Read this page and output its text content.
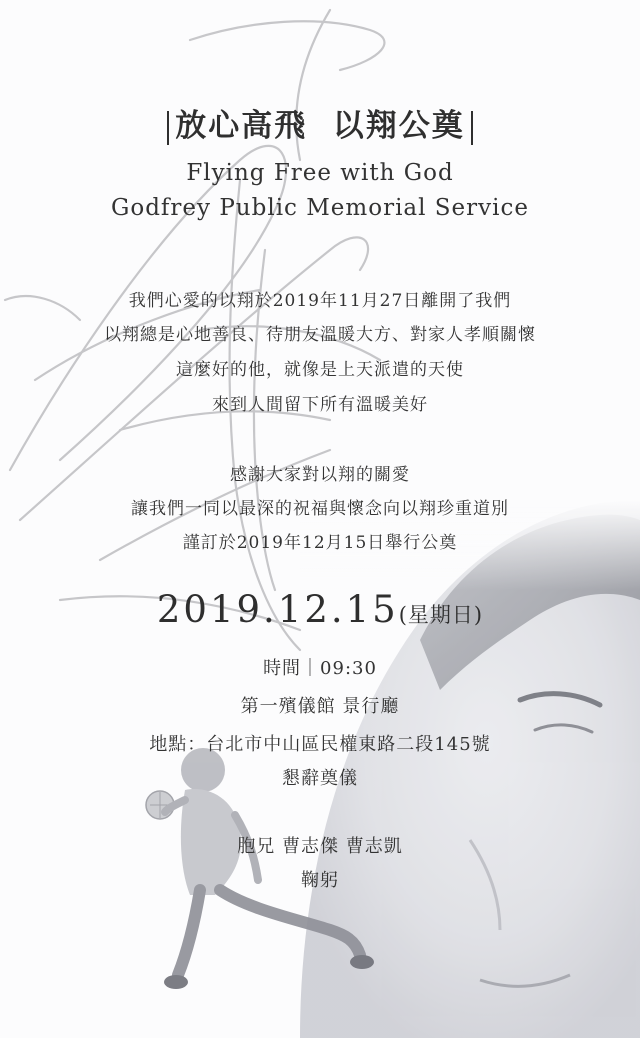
放心高飛 以翔公奠
Flying Free with God
Godfrey Public Memorial Service
我們心愛的以翔於2019年11月27日離開了我們
以翔總是心地善良、待朋友溫暖大方、對家人孝順關懷
這麼好的他，就像是上天派遣的天使
來到人間留下所有溫暖美好
感謝大家對以翔的關愛
讓我們一同以最深的祝福與懷念向以翔珍重道別
謹訂於2019年12月15日舉行公奠
2019.12.15(星期日)
時間｜09:30
第一殯儀館 景行廳
地點：台北市中山區民權東路二段145號
懇辭奠儀
胞兄 曹志傑 曹志凱
鞠躬
